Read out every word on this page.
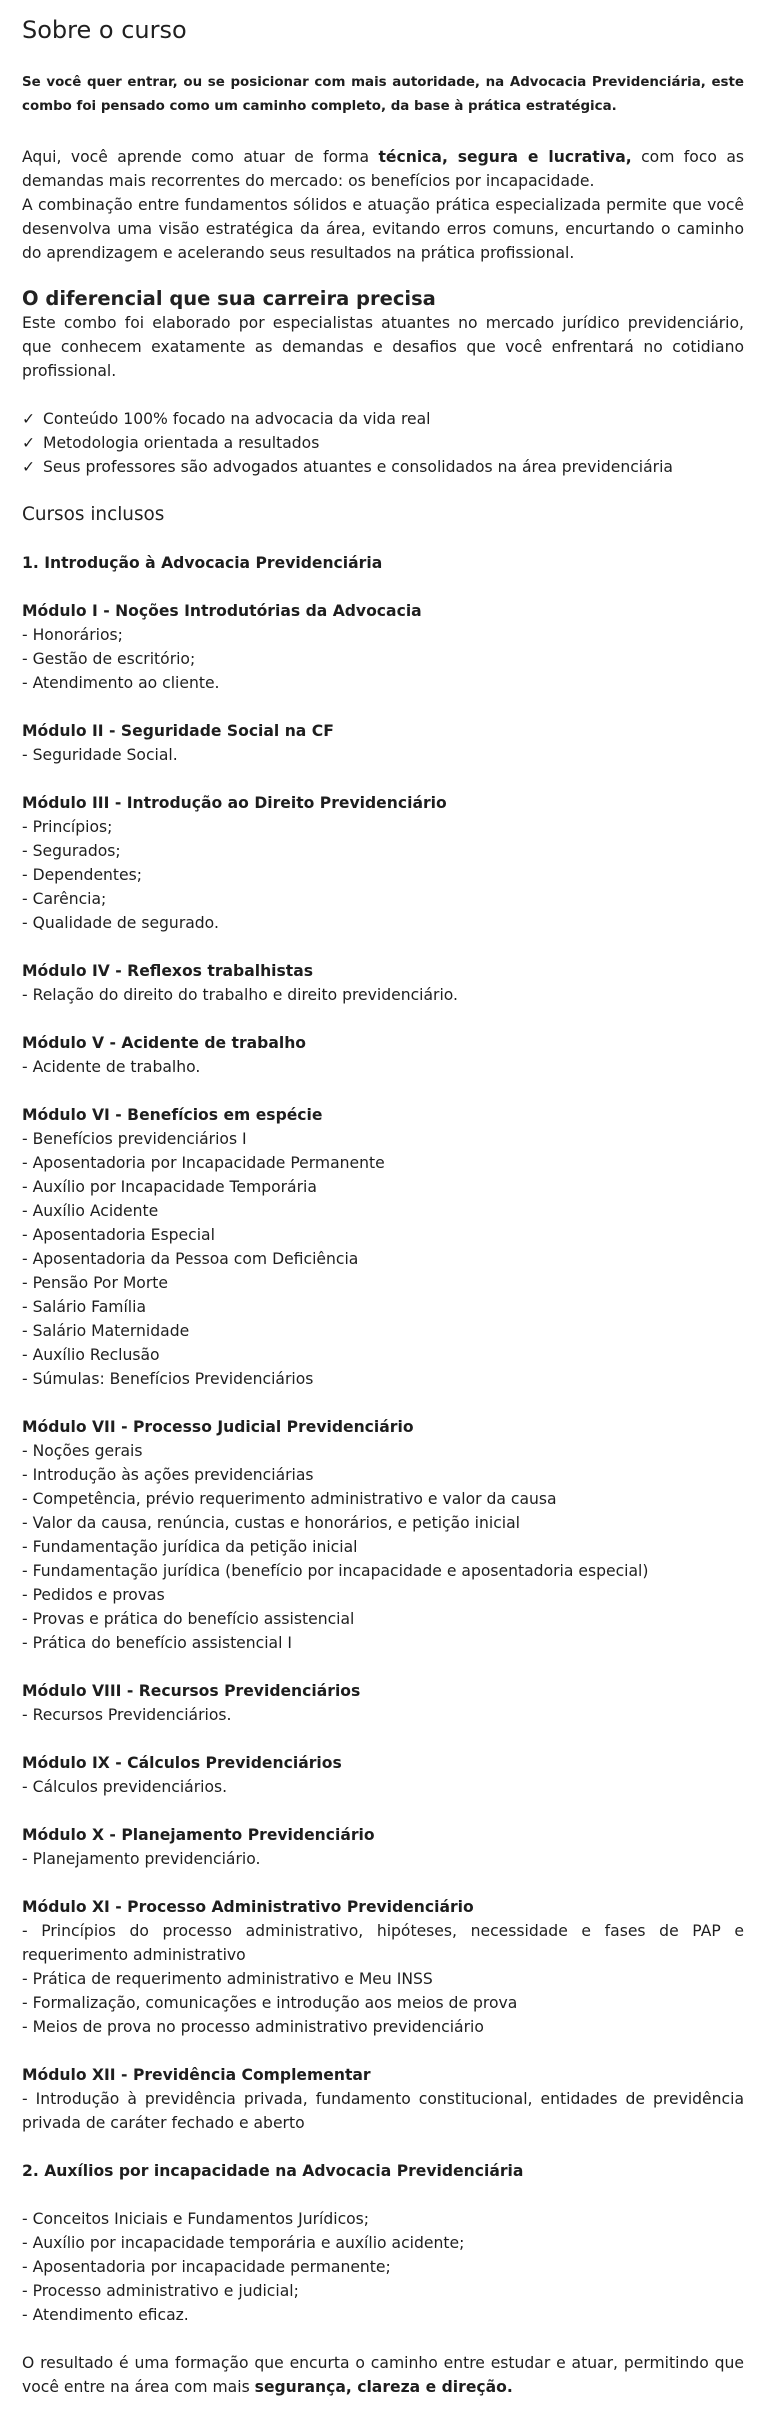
Sobre o curso
Se você quer entrar, ou se posicionar com mais autoridade, na Advocacia Previdenciária, este combo foi pensado como um caminho completo, da base à prática estratégica.
Aqui, você aprende como atuar de forma técnica, segura e lucrativa, com foco as demandas mais recorrentes do mercado: os benefícios por incapacidade.
A combinação entre fundamentos sólidos e atuação prática especializada permite que você desenvolva uma visão estratégica da área, evitando erros comuns, encurtando o caminho do aprendizagem e acelerando seus resultados na prática profissional.
O diferencial que sua carreira precisa
Este combo foi elaborado por especialistas atuantes no mercado jurídico previdenciário, que conhecem exatamente as demandas e desafios que você enfrentará no cotidiano profissional.
✓ Conteúdo 100% focado na advocacia da vida real
✓ Metodologia orientada a resultados
✓ Seus professores são advogados atuantes e consolidados na área previdenciária
Cursos inclusos
1. Introdução à Advocacia Previdenciária
Módulo I - Noções Introdutórias da Advocacia
- Honorários;
- Gestão de escritório;
- Atendimento ao cliente.
Módulo II - Seguridade Social na CF
- Seguridade Social.
Módulo III - Introdução ao Direito Previdenciário
- Princípios;
- Segurados;
- Dependentes;
- Carência;
- Qualidade de segurado.
Módulo IV - Reflexos trabalhistas
- Relação do direito do trabalho e direito previdenciário.
Módulo V - Acidente de trabalho
- Acidente de trabalho.
Módulo VI - Benefícios em espécie
- Benefícios previdenciários I
- Aposentadoria por Incapacidade Permanente
- Auxílio por Incapacidade Temporária
- Auxílio Acidente
- Aposentadoria Especial
- Aposentadoria da Pessoa com Deficiência
- Pensão Por Morte
- Salário Família
- Salário Maternidade
- Auxílio Reclusão
- Súmulas: Benefícios Previdenciários
Módulo VII - Processo Judicial Previdenciário
- Noções gerais
- Introdução às ações previdenciárias
- Competência, prévio requerimento administrativo e valor da causa
- Valor da causa, renúncia, custas e honorários, e petição inicial
- Fundamentação jurídica da petição inicial
- Fundamentação jurídica (benefício por incapacidade e aposentadoria especial)
- Pedidos e provas
- Provas e prática do benefício assistencial
- Prática do benefício assistencial I
Módulo VIII - Recursos Previdenciários
- Recursos Previdenciários.
Módulo IX - Cálculos Previdenciários
- Cálculos previdenciários.
Módulo X - Planejamento Previdenciário
- Planejamento previdenciário.
Módulo XI - Processo Administrativo Previdenciário
- Princípios do processo administrativo, hipóteses, necessidade e fases de PAP e requerimento administrativo
- Prática de requerimento administrativo e Meu INSS
- Formalização, comunicações e introdução aos meios de prova
- Meios de prova no processo administrativo previdenciário
Módulo XII - Previdência Complementar
- Introdução à previdência privada, fundamento constitucional, entidades de previdência privada de caráter fechado e aberto
2. Auxílios por incapacidade na Advocacia Previdenciária
- Conceitos Iniciais e Fundamentos Jurídicos;
- Auxílio por incapacidade temporária e auxílio acidente;
- Aposentadoria por incapacidade permanente;
- Processo administrativo e judicial;
- Atendimento eficaz.
O resultado é uma formação que encurta o caminho entre estudar e atuar, permitindo que você entre na área com mais segurança, clareza e direção.
